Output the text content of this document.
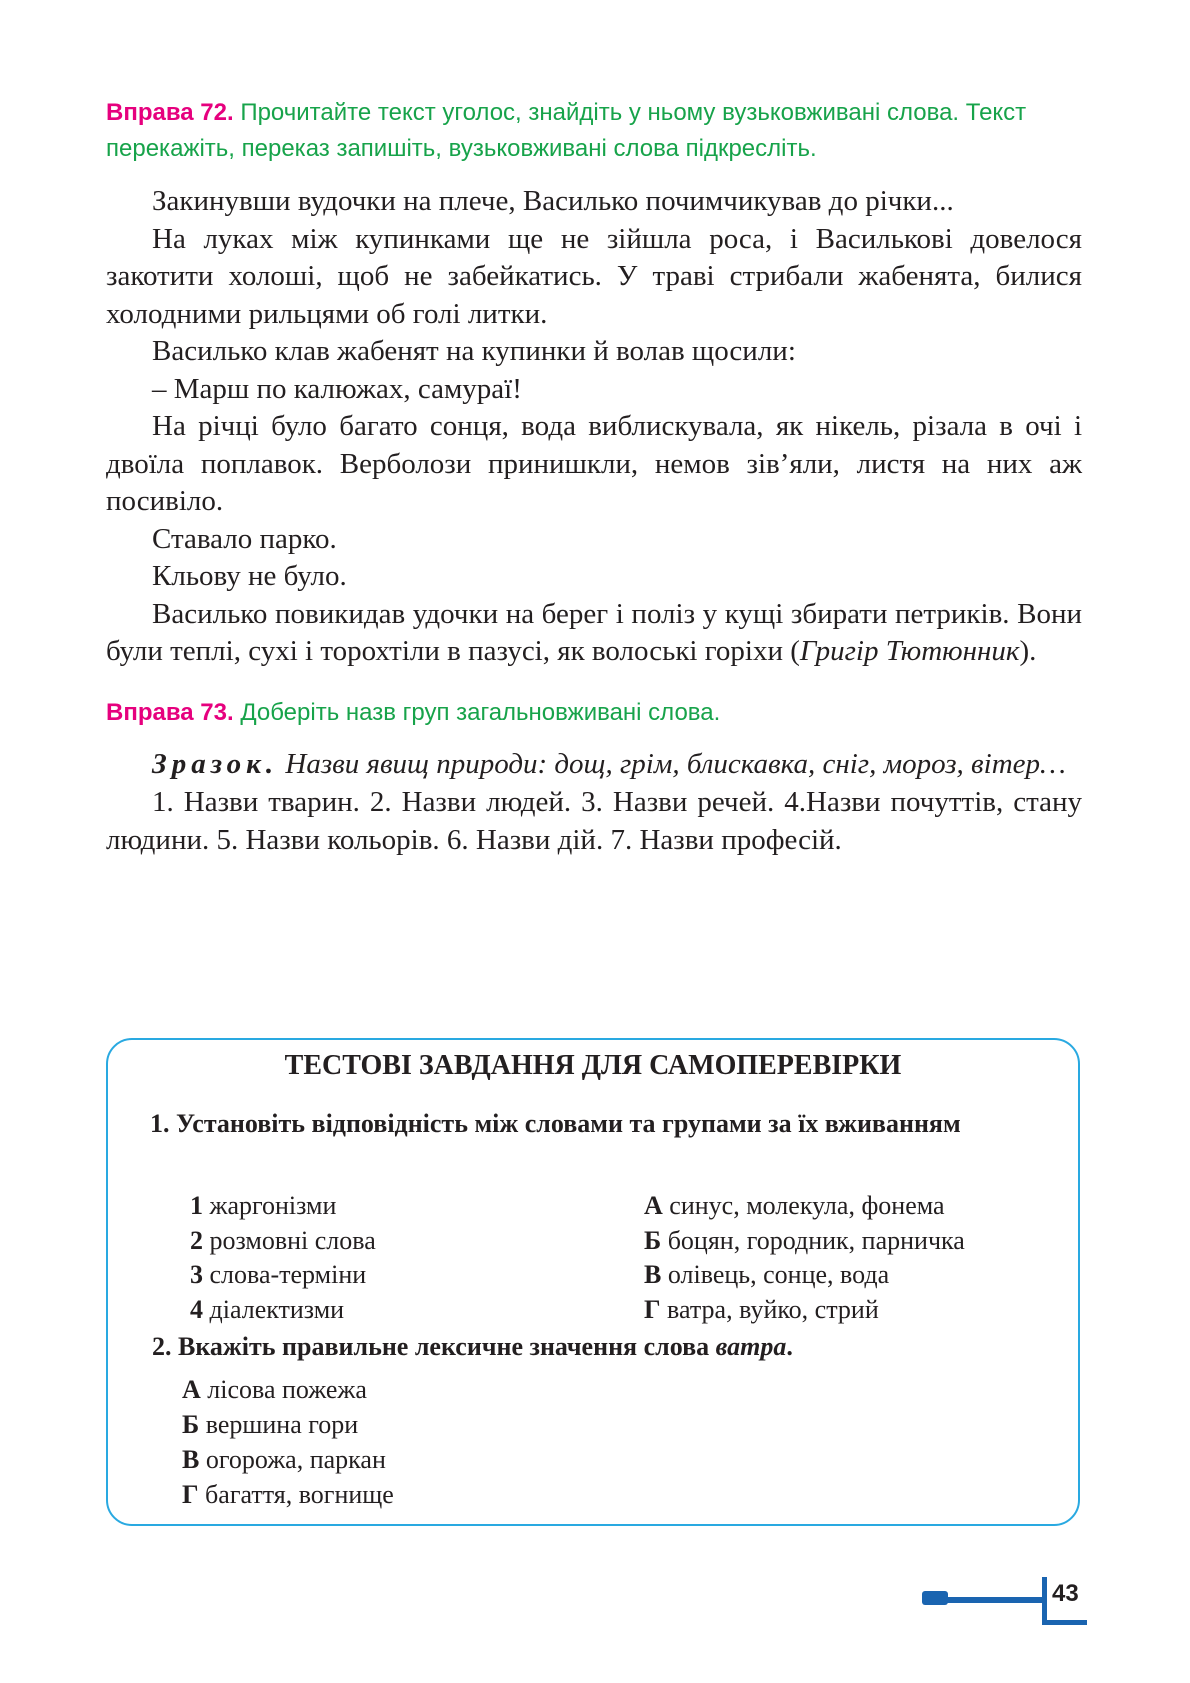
Вправа 72. Прочитайте текст уголос, знайдіть у ньому вузьковживані слова. Текст перекажіть, переказ запишіть, вузьковживані слова підкресліть.

Закинувши вудочки на плече, Василько почимчикував до річки...

На луках між купинками ще не зійшла роса, і Василькові довелося закотити холоші, щоб не забейкатись. У траві стрибали жабенята, билися холодними рильцями об голі литки.

Василько клав жабенят на купинки й волав щосили:

– Марш по калюжах, самураї!

На річці було багато сонця, вода виблискувала, як нікель, різала в очі і двоїла поплавок. Верболози принишкли, немов зів’яли, листя на них аж посивіло.

Ставало парко.

Кльову не було.

Василько повикидав удочки на берег і поліз у кущі збирати петриків. Вони були теплі, сухі і торохтіли в пазусі, як волоські горіхи (Григір Тютюнник).

Вправа 73. Доберіть назв груп загальновживані слова.

Зразок. Назви явищ природи: дощ, грім, блискавка, сніг, мороз, вітер…

1. Назви тварин. 2. Назви людей. 3. Назви речей. 4.Назви почуттів, стану людини. 5. Назви кольорів. 6. Назви дій. 7. Назви професій.

ТЕСТОВІ ЗАВДАННЯ ДЛЯ САМОПЕРЕВІРКИ
1. Установіть відповідність між словами та групами за їх вживанням
1 жаргонізми
2 розмовні слова
3 слова-терміни
4 діалектизми
А синус, молекула, фонема
Б боцян, городник, парничка
В олівець, сонце, вода
Г ватра, вуйко, стрий
2. Вкажіть правильне лексичне значення слова ватра.
А лісова пожежа
Б вершина гори
В огорожа, паркан
Г багаття, вогнище
43
